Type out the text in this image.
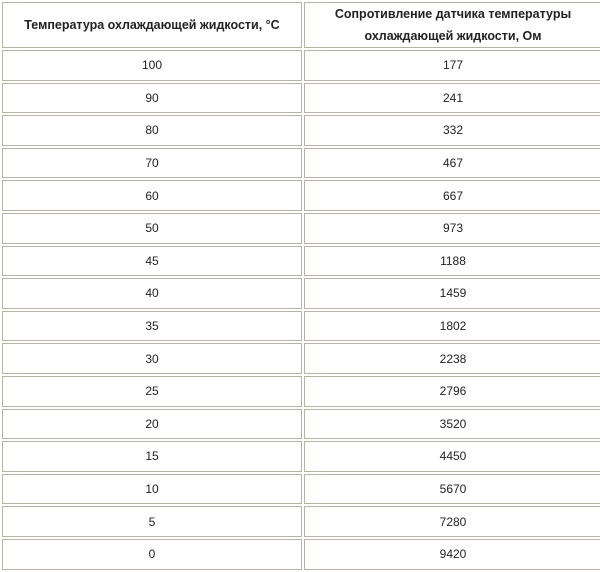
Температура охлаждающей жидкости, °С	Сопротивление датчика температуры охлаждающей жидкости, Ом
100	177
90	241
80	332
70	467
60	667
50	973
45	1188
40	1459
35	1802
30	2238
25	2796
20	3520
15	4450
10	5670
5	7280
0	9420
